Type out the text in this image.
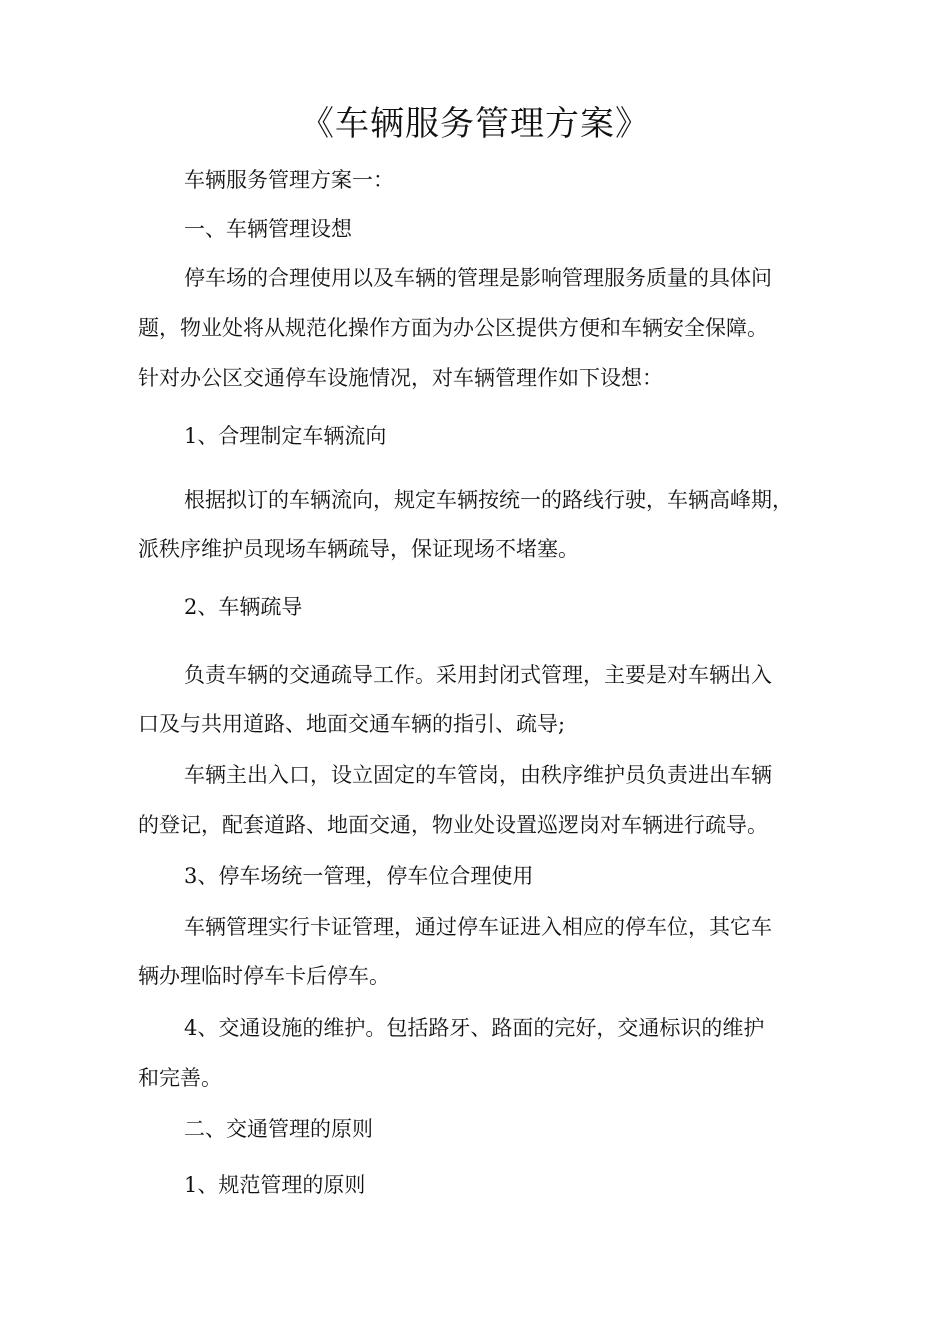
《车辆服务管理方案》

车辆服务管理方案一：

一、车辆管理设想

停车场的合理使用以及车辆的管理是影响管理服务质量的具体问

题，物业处将从规范化操作方面为办公区提供方便和车辆安全保障。

针对办公区交通停车设施情况，对车辆管理作如下设想：

1、合理制定车辆流向

根据拟订的车辆流向，规定车辆按统一的路线行驶，车辆高峰期，

派秩序维护员现场车辆疏导，保证现场不堵塞。

2、车辆疏导

负责车辆的交通疏导工作。采用封闭式管理，主要是对车辆出入

口及与共用道路、地面交通车辆的指引、疏导;

车辆主出入口，设立固定的车管岗，由秩序维护员负责进出车辆

的登记，配套道路、地面交通，物业处设置巡逻岗对车辆进行疏导。

3、停车场统一管理，停车位合理使用

车辆管理实行卡证管理，通过停车证进入相应的停车位，其它车

辆办理临时停车卡后停车。

4、交通设施的维护。包括路牙、路面的完好，交通标识的维护

和完善。

二、交通管理的原则

1、规范管理的原则
